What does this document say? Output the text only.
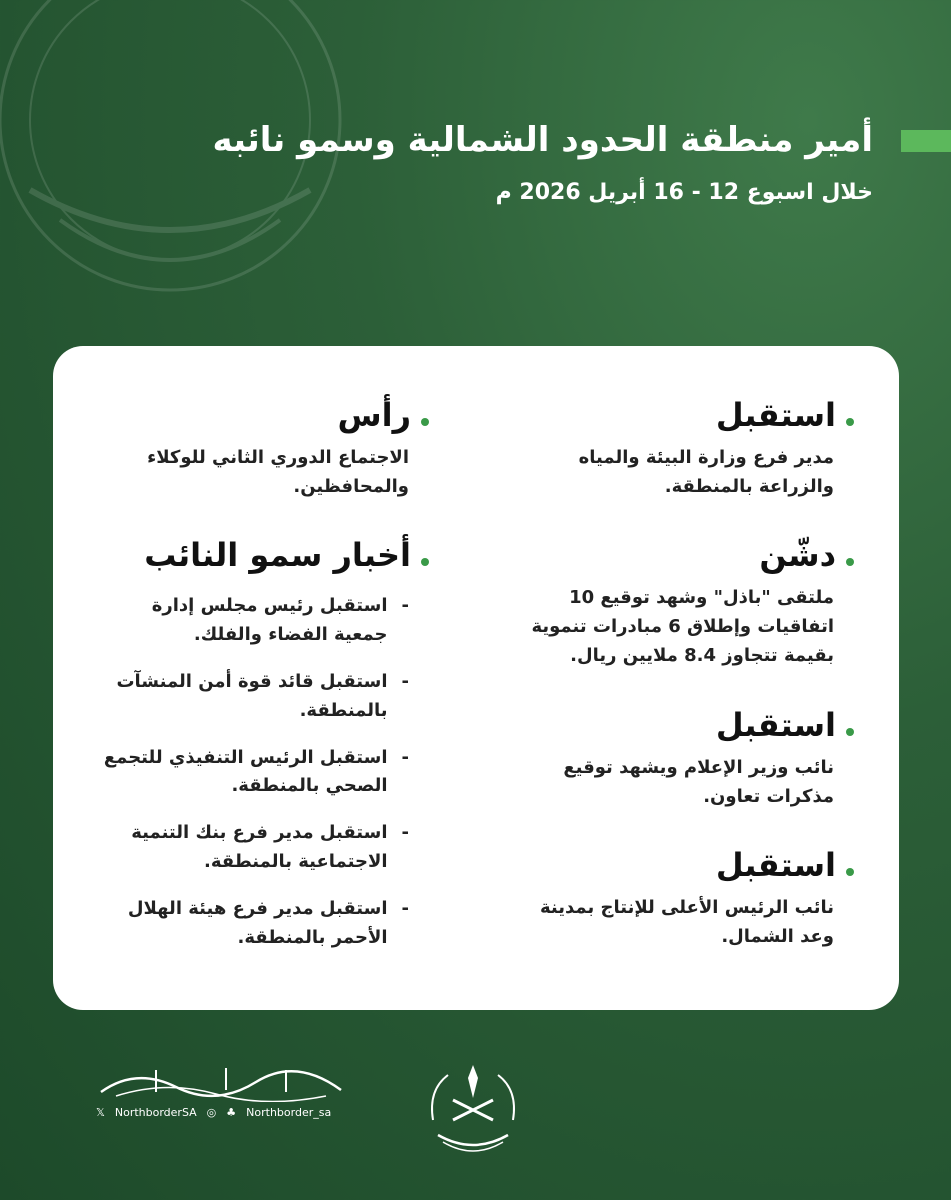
أمير منطقة الحدود الشمالية وسمو نائبه
خلال اسبوع 12 - 16 أبريل 2026 م
استقبل
مدير فرع وزارة البيئة والمياه والزراعة بالمنطقة.
دشّن
ملتقى "باذل" وشهد توقيع 10 اتفاقيات وإطلاق 6 مبادرات تنموية بقيمة تتجاوز 8.4 ملايين ريال.
استقبل
نائب وزير الإعلام ويشهد توقيع مذكرات تعاون.
استقبل
نائب الرئيس الأعلى للإنتاج بمدينة وعد الشمال.
رأس
الاجتماع الدوري الثاني للوكلاء والمحافظين.
أخبار سمو النائب
-
استقبل رئيس مجلس إدارة جمعية الفضاء والفلك.
-
استقبل قائد قوة أمن المنشآت بالمنطقة.
-
استقبل الرئيس التنفيذي للتجمع الصحي بالمنطقة.
-
استقبل مدير فرع بنك التنمية الاجتماعية بالمنطقة.
-
استقبل مدير فرع هيئة الهلال الأحمر بالمنطقة.
𝕏 NorthborderSA ◎ ♣ Northborder_sa
